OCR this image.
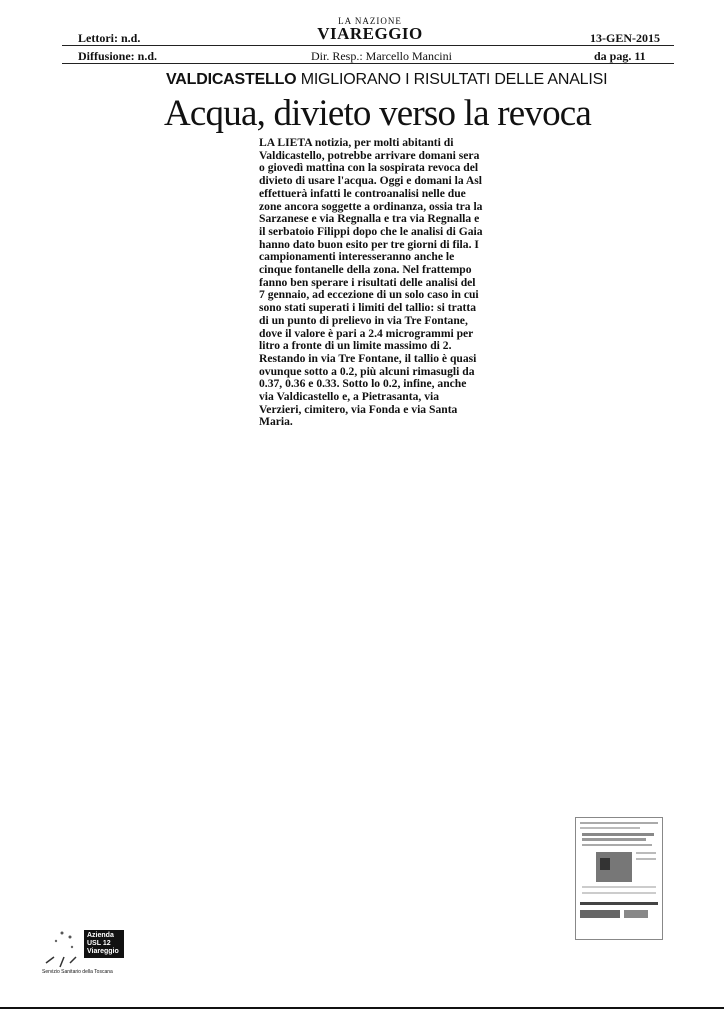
Lettori: n.d.
Diffusione: n.d.
LA NAZIONE
VIAREGGIO
Dir. Resp.: Marcello Mancini
13-GEN-2015
da pag. 11
VALDICASTELLO MIGLIORANO I RISULTATI DELLE ANALISI
Acqua, divieto verso la revoca

LA LIETA notizia, per molti abitanti di Valdicastello, potrebbe arrivare domani sera o giovedì mattina con la sospirata revoca del divieto di usare l'acqua. Oggi e domani la Asl effettuerà infatti le controanalisi nelle due zone ancora soggette a ordinanza, ossia tra la Sarzanese e via Regnalla e tra via Regnalla e il serbatoio Filippi dopo che le analisi di Gaia hanno dato buon esito per tre giorni di fila. I campionamenti interesseranno anche le cinque fontanelle della zona. Nel frattempo fanno ben sperare i risultati delle analisi del 7 gennaio, ad eccezione di un solo caso in cui sono stati superati i limiti del tallio: si tratta di un punto di prelievo in via Tre Fontane, dove il valore è pari a 2.4 microgrammi per litro a fronte di un limite massimo di 2. Restando in via Tre Fontane, il tallio è quasi ovunque sotto a 0.2, più alcuni rimasugli da 0.37, 0.36 e 0.33. Sotto lo 0.2, infine, anche via Valdicastello e, a Pietrasanta, via Verzieri, cimitero, via Fonda e via Santa Maria.

Azienda
USL 12
Viareggio
Servizio Sanitario della Toscana
